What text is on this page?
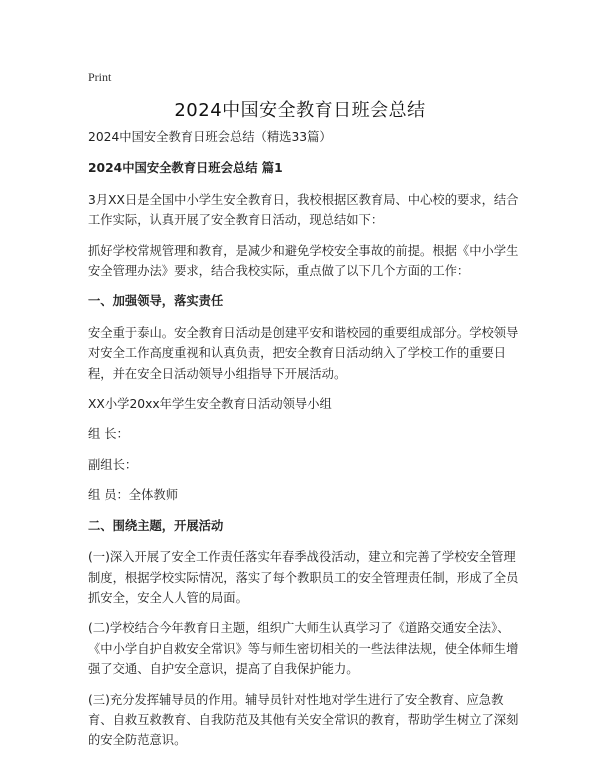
Print
2024中国安全教育日班会总结

2024中国安全教育日班会总结（精选33篇）

2024中国安全教育日班会总结 篇1

3月XX日是全国中小学生安全教育日，我校根据区教育局、中心校的要求，结合工作实际，认真开展了安全教育日活动，现总结如下：

抓好学校常规管理和教育，是减少和避免学校安全事故的前提。根据《中小学生安全管理办法》要求，结合我校实际，重点做了以下几个方面的工作：

一、加强领导，落实责任

安全重于泰山。安全教育日活动是创建平安和谐校园的重要组成部分。学校领导对安全工作高度重视和认真负责，把安全教育日活动纳入了学校工作的重要日程，并在安全日活动领导小组指导下开展活动。

XX小学20xx年学生安全教育日活动领导小组

组 长：

副组长：

组 员：全体教师

二、围绕主题，开展活动

(一)深入开展了安全工作责任落实年春季战役活动，建立和完善了学校安全管理制度，根据学校实际情况，落实了每个教职员工的安全管理责任制，形成了全员抓安全，安全人人管的局面。

(二)学校结合今年教育日主题，组织广大师生认真学习了《道路交通安全法》、《中小学自护自救安全常识》等与师生密切相关的一些法律法规，使全体师生增强了交通、自护安全意识，提高了自我保护能力。

(三)充分发挥辅导员的作用。辅导员针对性地对学生进行了安全教育、应急教育、自救互救教育、自我防范及其他有关安全常识的教育，帮助学生树立了深刻的安全防范意识。
